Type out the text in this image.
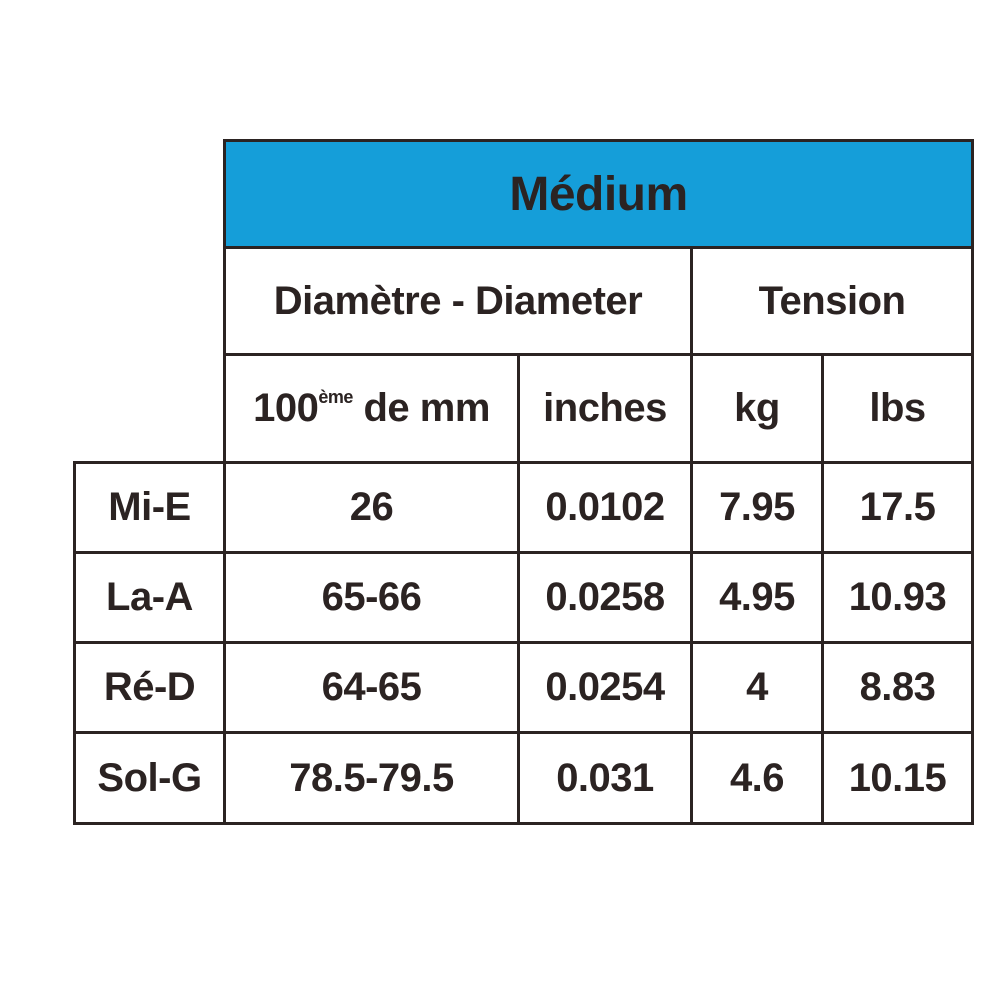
	Médium			
	Diamètre - Diameter		Tension	
	100ème de mm	inches	kg	lbs
Mi-E	26	0.0102	7.95	17.5
La-A	65-66	0.0258	4.95	10.93
Ré-D	64-65	0.0254	4	8.83
Sol-G	78.5-79.5	0.031	4.6	10.15
